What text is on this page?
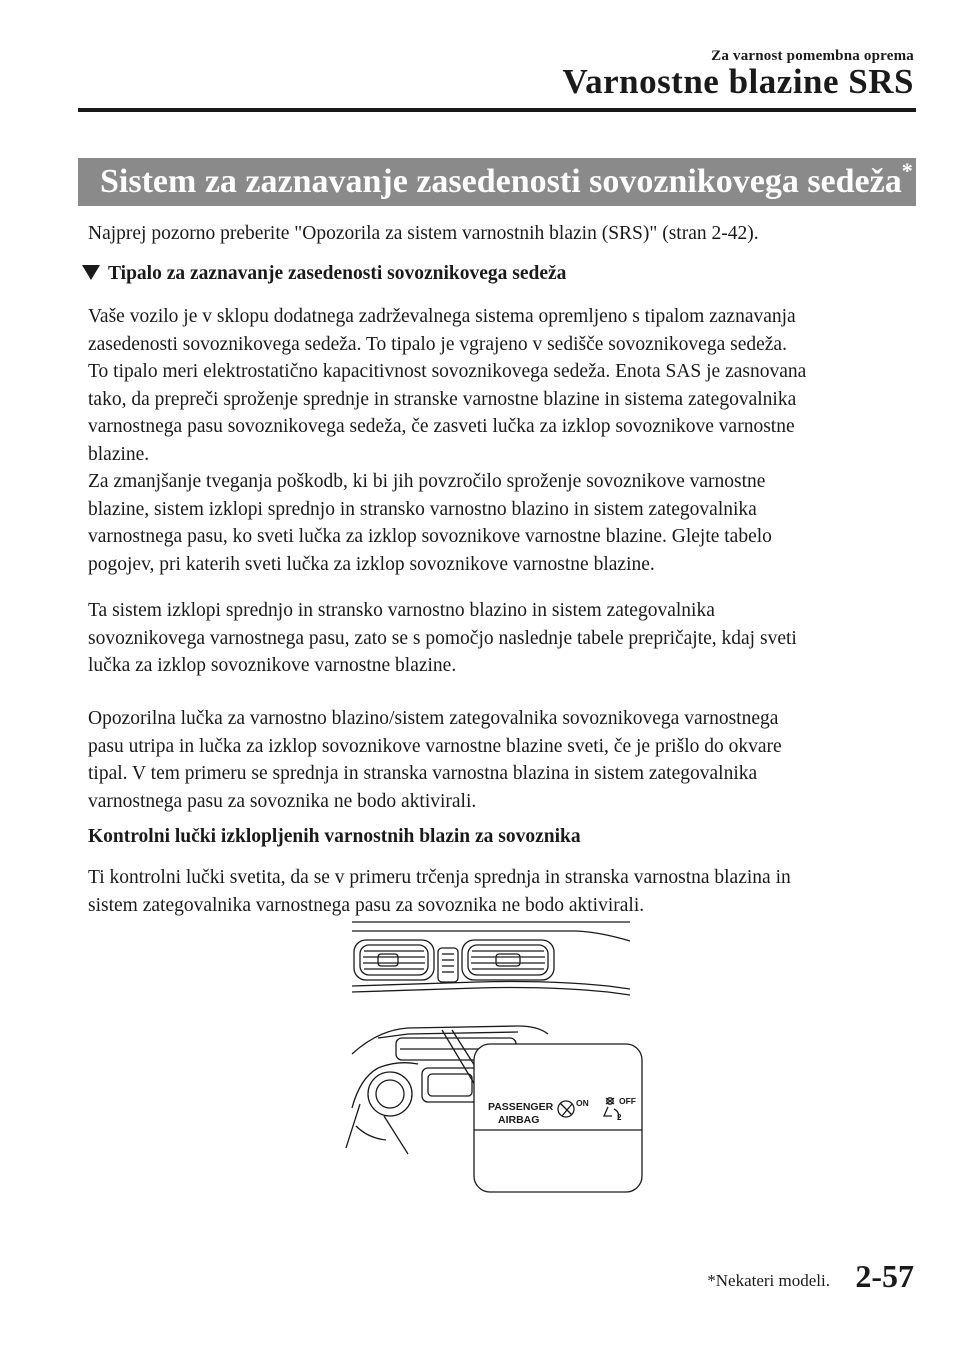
Za varnost pomembna oprema
Varnostne blazine SRS
Sistem za zaznavanje zasedenosti sovoznikovega sedeža*
Najprej pozorno preberite "Opozorila za sistem varnostnih blazin (SRS)" (stran 2-42).
Tipalo za zaznavanje zasedenosti sovoznikovega sedeža
Vaše vozilo je v sklopu dodatnega zadrževalnega sistema opremljeno s tipalom zaznavanja
zasedenosti sovoznikovega sedeža. To tipalo je vgrajeno v sedišče sovoznikovega sedeža.
To tipalo meri elektrostatično kapacitivnost sovoznikovega sedeža. Enota SAS je zasnovana
tako, da prepreči sproženje sprednje in stranske varnostne blazine in sistema zategovalnika
varnostnega pasu sovoznikovega sedeža, če zasveti lučka za izklop sovoznikove varnostne
blazine.
Za zmanjšanje tveganja poškodb, ki bi jih povzročilo sproženje sovoznikove varnostne
blazine, sistem izklopi sprednjo in stransko varnostno blazino in sistem zategovalnika
varnostnega pasu, ko sveti lučka za izklop sovoznikove varnostne blazine. Glejte tabelo
pogojev, pri katerih sveti lučka za izklop sovoznikove varnostne blazine.
Ta sistem izklopi sprednjo in stransko varnostno blazino in sistem zategovalnika
sovoznikovega varnostnega pasu, zato se s pomočjo naslednje tabele prepričajte, kdaj sveti
lučka za izklop sovoznikove varnostne blazine.
Opozorilna lučka za varnostno blazino/sistem zategovalnika sovoznikovega varnostnega
pasu utripa in lučka za izklop sovoznikove varnostne blazine sveti, če je prišlo do okvare
tipal. V tem primeru se sprednja in stranska varnostna blazina in sistem zategovalnika
varnostnega pasu za sovoznika ne bodo aktivirali.
Kontrolni lučki izklopljenih varnostnih blazin za sovoznika
Ti kontrolni lučki svetita, da se v primeru trčenja sprednja in stranska varnostna blazina in
sistem zategovalnika varnostnega pasu za sovoznika ne bodo aktivirali.
PASSENGER
AIRBAG
ON	OFF
2
*Nekateri modeli. 2-57
